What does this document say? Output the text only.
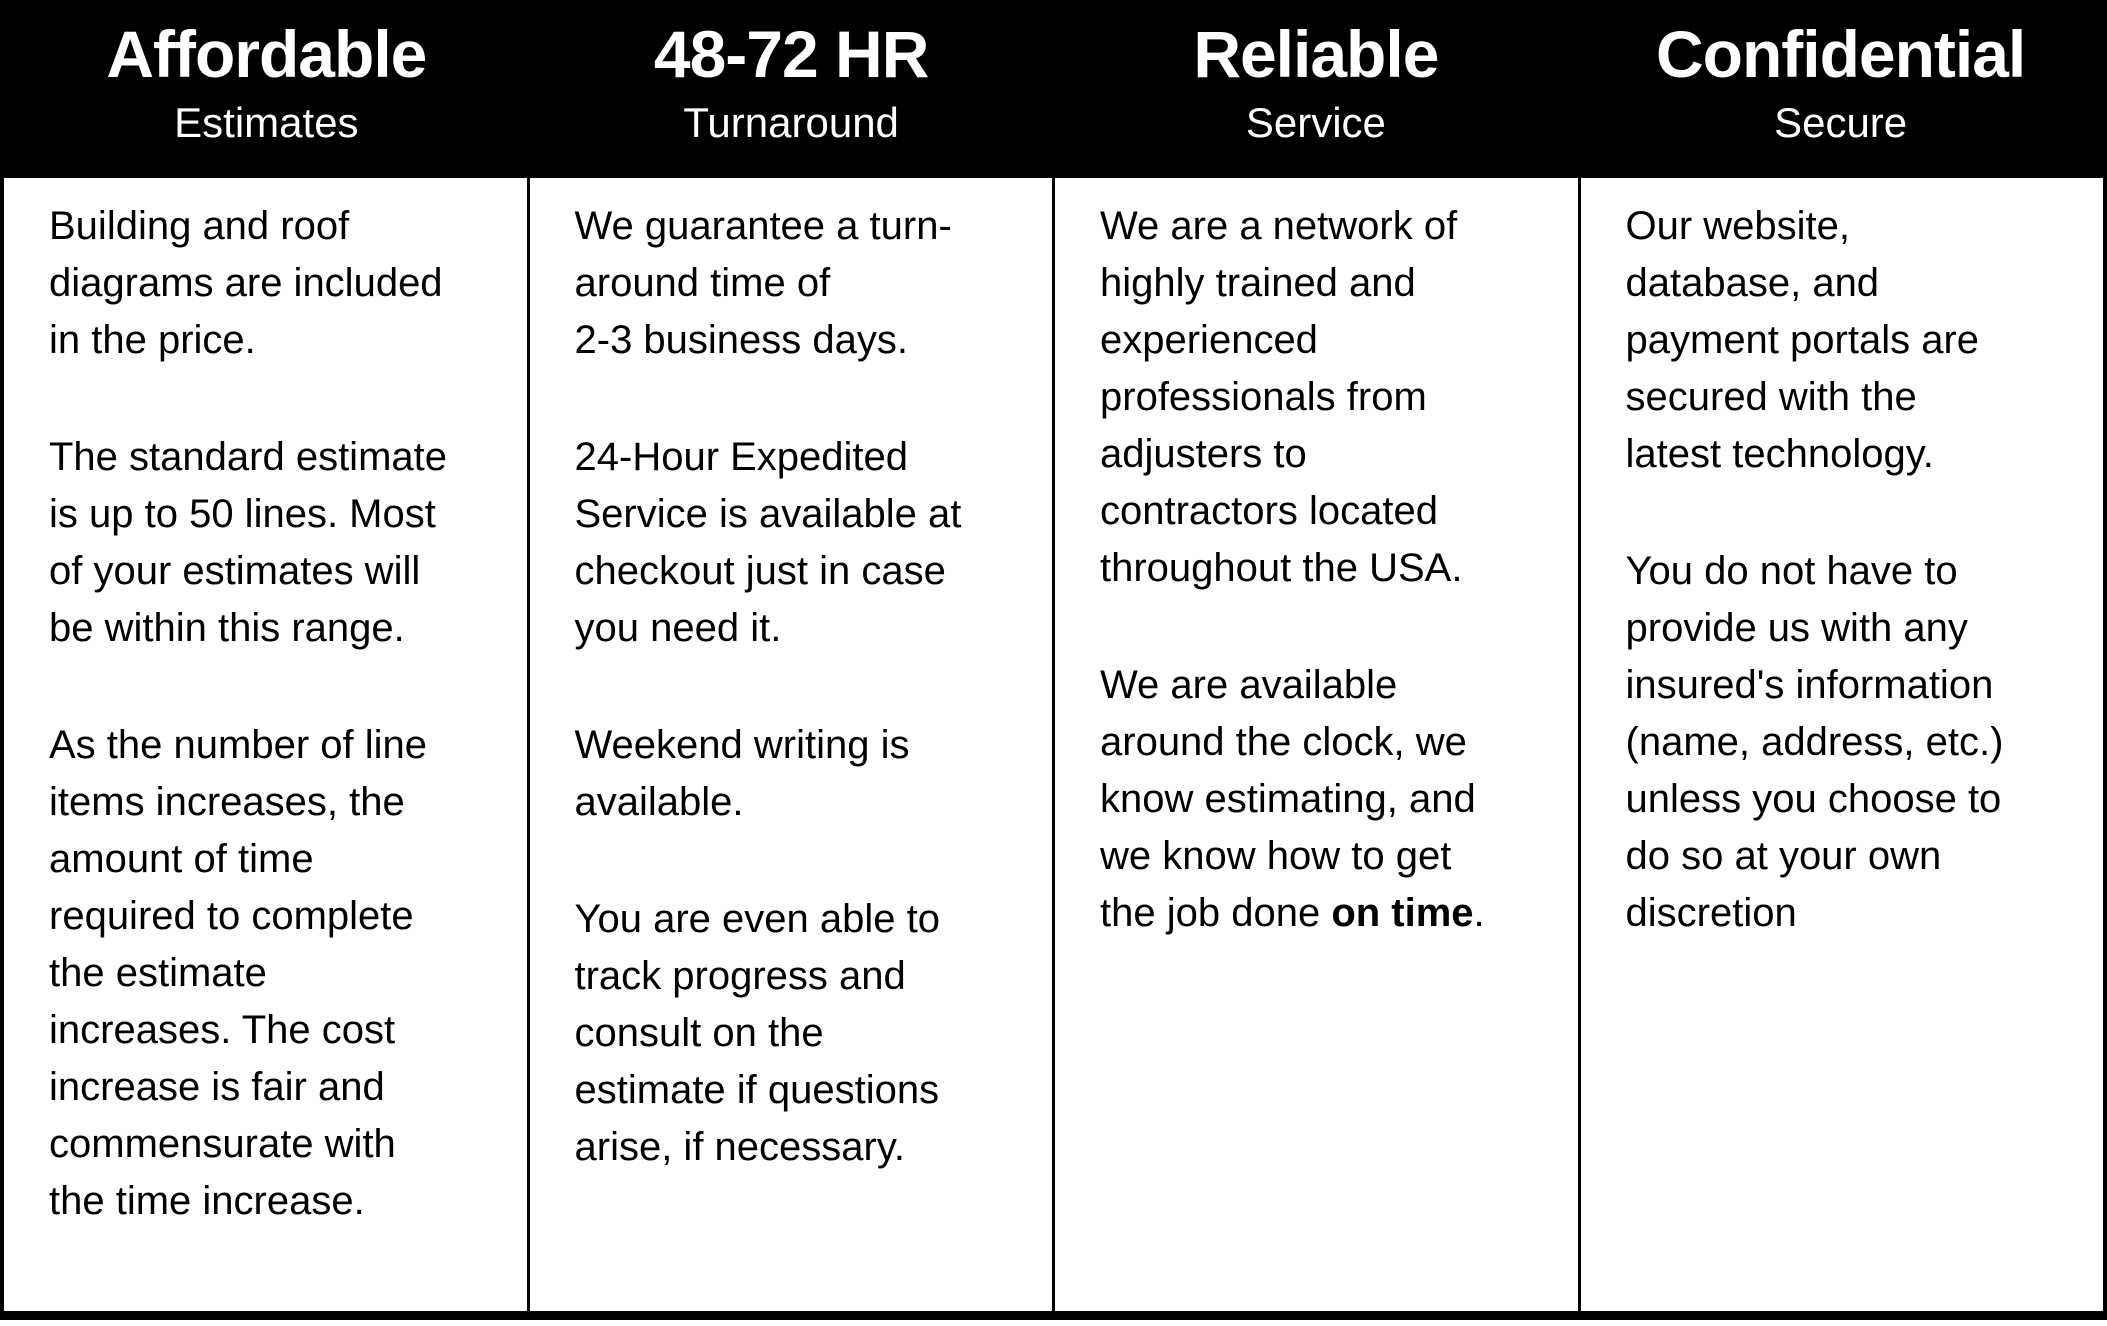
Affordable
Estimates
48-72 HR
Turnaround
Reliable
Service
Confidential
Secure

Building and roof
diagrams are included
in the price.

The standard estimate
is up to 50 lines. Most
of your estimates will
be within this range.

As the number of line
items increases, the
amount of time
required to complete
the estimate
increases. The cost
increase is fair and
commensurate with
the time increase.

We guarantee a turn-
around time of
2-3 business days.

24-Hour Expedited
Service is available at
checkout just in case
you need it.

Weekend writing is
available.

You are even able to
track progress and
consult on the
estimate if questions
arise, if necessary.

We are a network of
highly trained and
experienced
professionals from
adjusters to
contractors located
throughout the USA.

We are available
around the clock, we
know estimating, and
we know how to get
the job done on time.

Our website,
database, and
payment portals are
secured with the
latest technology.

You do not have to
provide us with any
insured's information
(name, address, etc.)
unless you choose to
do so at your own
discretion
